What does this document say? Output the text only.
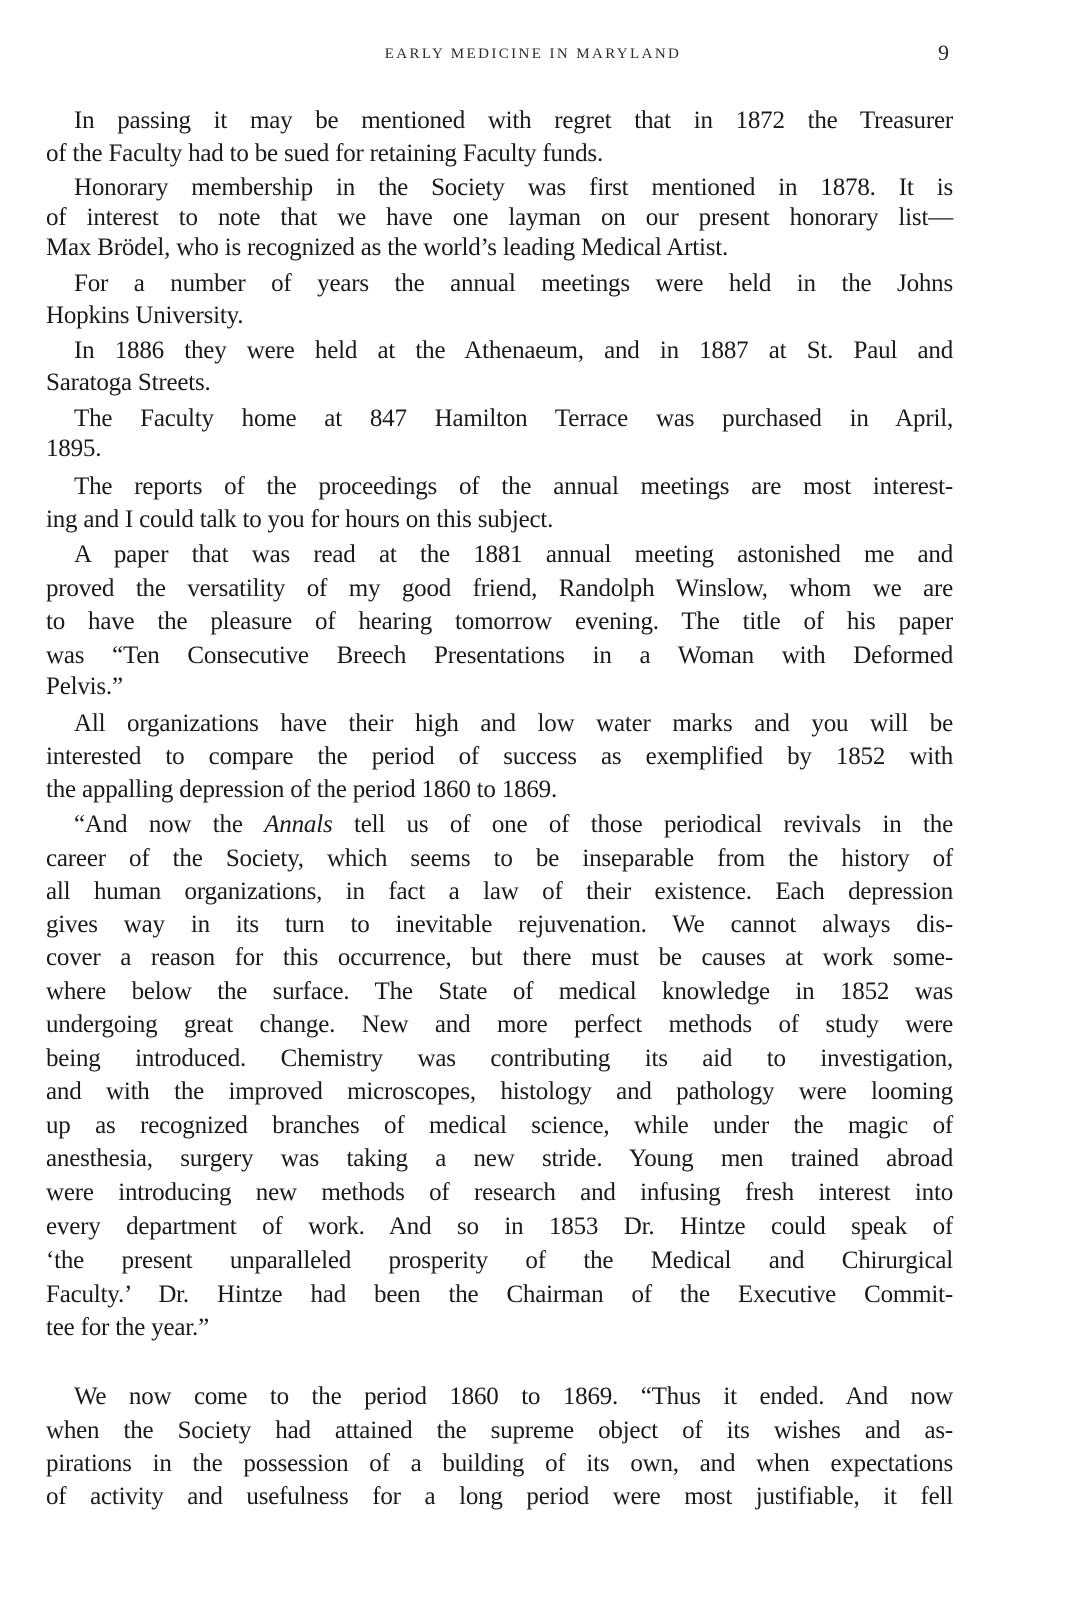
EARLY MEDICINE IN MARYLAND	9
In passing it may be mentioned with regret that in 1872 the Treasurer
of the Faculty had to be sued for retaining Faculty funds.
Honorary membership in the Society was first mentioned in 1878. It is
of interest to note that we have one layman on our present honorary list—
Max Brödel, who is recognized as the world’s leading Medical Artist.
For a number of years the annual meetings were held in the Johns
Hopkins University.
In 1886 they were held at the Athenaeum, and in 1887 at St. Paul and
Saratoga Streets.
The Faculty home at 847 Hamilton Terrace was purchased in April,
1895.
The reports of the proceedings of the annual meetings are most interest-
ing and I could talk to you for hours on this subject.
A paper that was read at the 1881 annual meeting astonished me and
proved the versatility of my good friend, Randolph Winslow, whom we are
to have the pleasure of hearing tomorrow evening. The title of his paper
was “Ten Consecutive Breech Presentations in a Woman with Deformed
Pelvis.”
All organizations have their high and low water marks and you will be
interested to compare the period of success as exemplified by 1852 with
the appalling depression of the period 1860 to 1869.
“And now the Annals tell us of one of those periodical revivals in the
career of the Society, which seems to be inseparable from the history of
all human organizations, in fact a law of their existence. Each depression
gives way in its turn to inevitable rejuvenation. We cannot always dis-
cover a reason for this occurrence, but there must be causes at work some-
where below the surface. The State of medical knowledge in 1852 was
undergoing great change. New and more perfect methods of study were
being introduced. Chemistry was contributing its aid to investigation,
and with the improved microscopes, histology and pathology were looming
up as recognized branches of medical science, while under the magic of
anesthesia, surgery was taking a new stride. Young men trained abroad
were introducing new methods of research and infusing fresh interest into
every department of work. And so in 1853 Dr. Hintze could speak of
‘the present unparalleled prosperity of the Medical and Chirurgical
Faculty.’ Dr. Hintze had been the Chairman of the Executive Commit-
tee for the year.”
We now come to the period 1860 to 1869. “Thus it ended. And now
when the Society had attained the supreme object of its wishes and as-
pirations in the possession of a building of its own, and when expectations
of activity and usefulness for a long period were most justifiable, it fell
